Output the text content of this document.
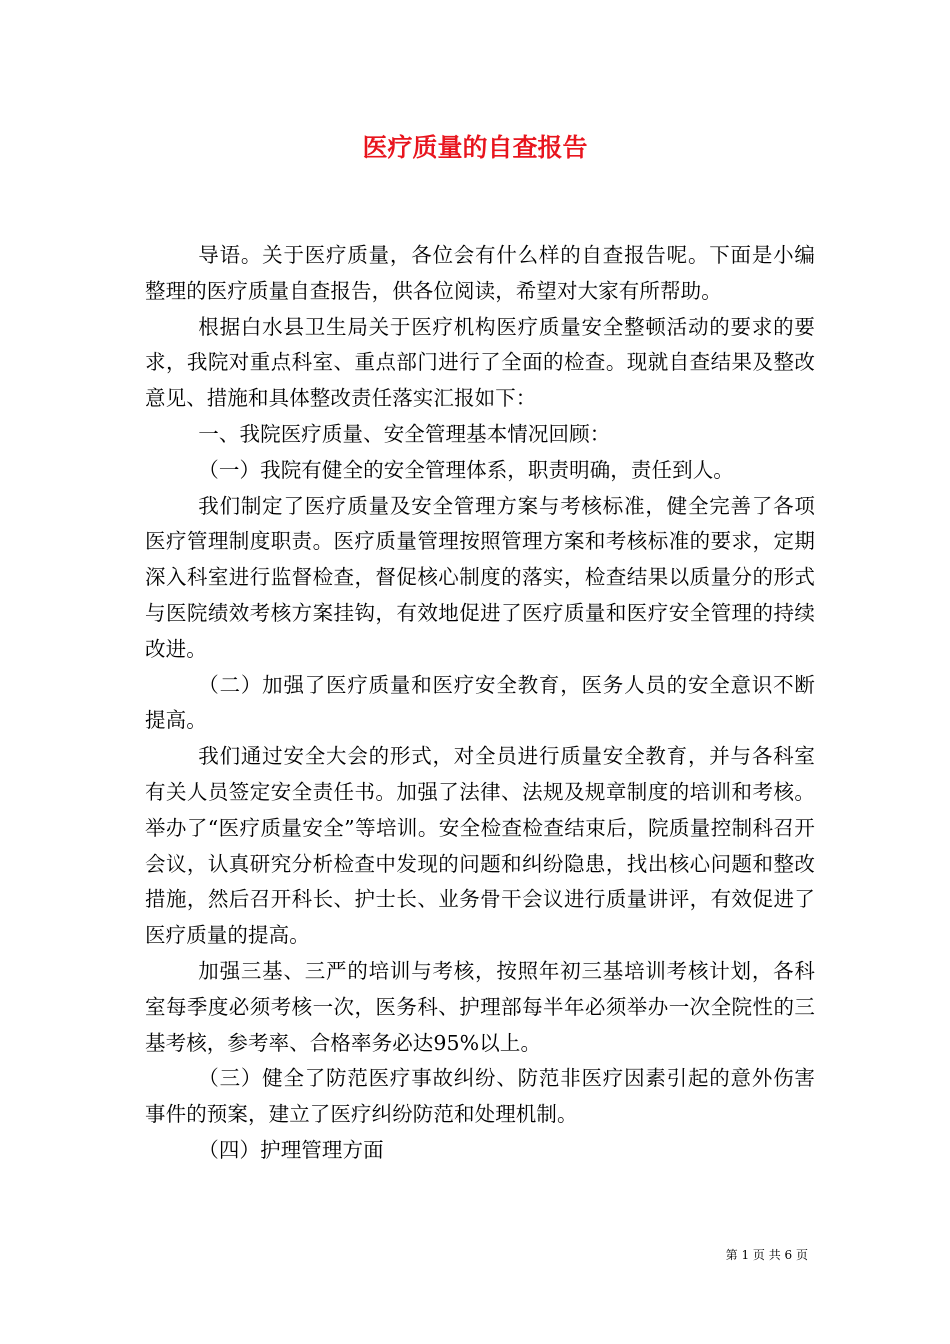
医疗质量的自查报告

导语。关于医疗质量，各位会有什么样的自查报告呢。下面是小编整理的医疗质量自查报告，供各位阅读，希望对大家有所帮助。

根据白水县卫生局关于医疗机构医疗质量安全整顿活动的要求的要求，我院对重点科室、重点部门进行了全面的检查。现就自查结果及整改意见、措施和具体整改责任落实汇报如下：

一、我院医疗质量、安全管理基本情况回顾：

（一）我院有健全的安全管理体系，职责明确，责任到人。

我们制定了医疗质量及安全管理方案与考核标准，健全完善了各项医疗管理制度职责。医疗质量管理按照管理方案和考核标准的要求，定期深入科室进行监督检查，督促核心制度的落实，检查结果以质量分的形式与医院绩效考核方案挂钩，有效地促进了医疗质量和医疗安全管理的持续改进。

（二）加强了医疗质量和医疗安全教育，医务人员的安全意识不断提高。

我们通过安全大会的形式，对全员进行质量安全教育，并与各科室有关人员签定安全责任书。加强了法律、法规及规章制度的培训和考核。举办了“医疗质量安全”等培训。安全检查检查结束后，院质量控制科召开会议，认真研究分析检查中发现的问题和纠纷隐患，找出核心问题和整改措施，然后召开科长、护士长、业务骨干会议进行质量讲评，有效促进了医疗质量的提高。

加强三基、三严的培训与考核，按照年初三基培训考核计划，各科室每季度必须考核一次，医务科、护理部每半年必须举办一次全院性的三基考核，参考率、合格率务必达95%以上。

（三）健全了防范医疗事故纠纷、防范非医疗因素引起的意外伤害事件的预案，建立了医疗纠纷防范和处理机制。

（四）护理管理方面

第 1 页 共 6 页
